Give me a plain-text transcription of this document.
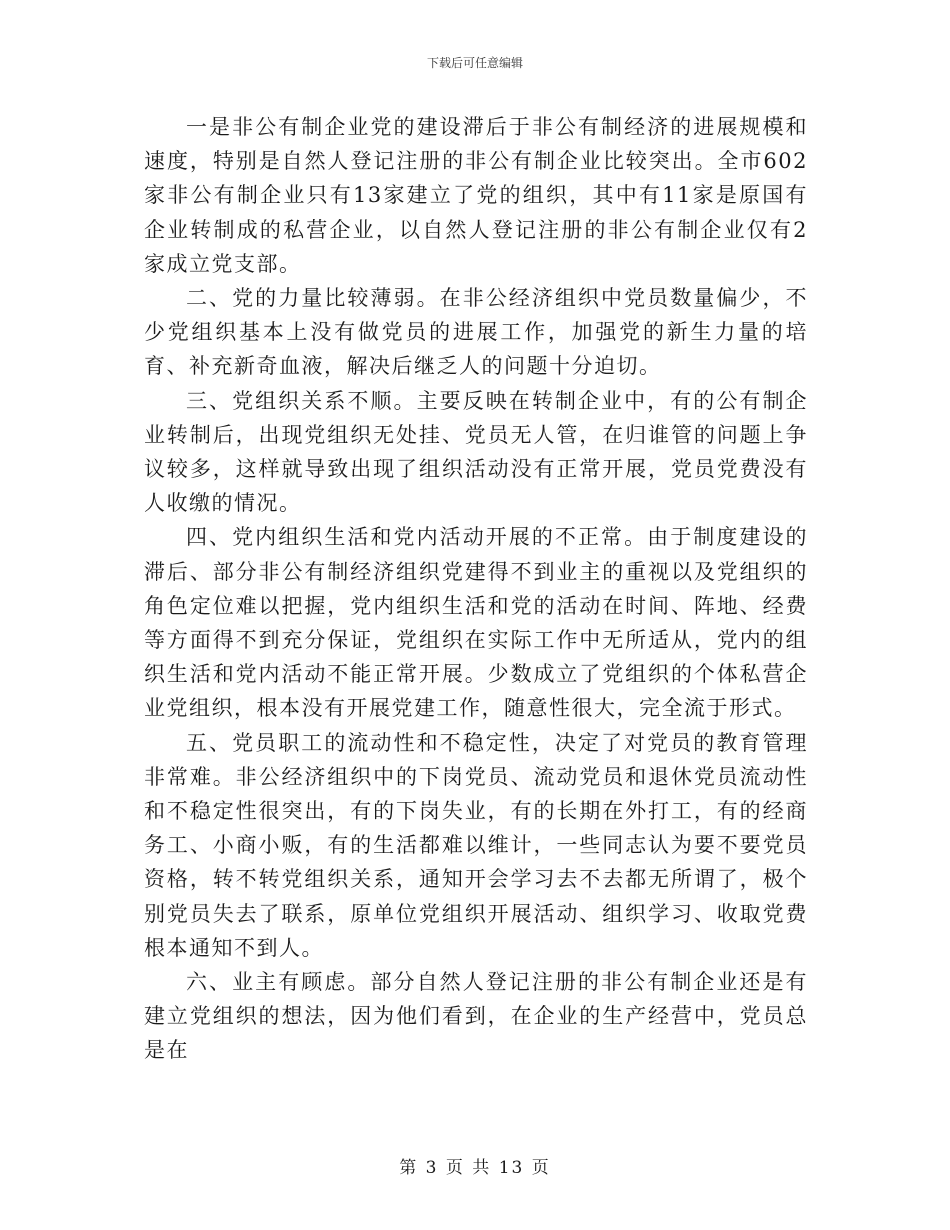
下载后可任意编辑

一是非公有制企业党的建设滞后于非公有制经济的进展规模和速度，特别是自然人登记注册的非公有制企业比较突出。全市602家非公有制企业只有13家建立了党的组织，其中有11家是原国有企业转制成的私营企业，以自然人登记注册的非公有制企业仅有2家成立党支部。

二、党的力量比较薄弱。在非公经济组织中党员数量偏少，不少党组织基本上没有做党员的进展工作，加强党的新生力量的培育、补充新奇血液，解决后继乏人的问题十分迫切。

三、党组织关系不顺。主要反映在转制企业中，有的公有制企业转制后，出现党组织无处挂、党员无人管，在归谁管的问题上争议较多，这样就导致出现了组织活动没有正常开展，党员党费没有人收缴的情况。

四、党内组织生活和党内活动开展的不正常。由于制度建设的滞后、部分非公有制经济组织党建得不到业主的重视以及党组织的角色定位难以把握，党内组织生活和党的活动在时间、阵地、经费等方面得不到充分保证，党组织在实际工作中无所适从，党内的组织生活和党内活动不能正常开展。少数成立了党组织的个体私营企业党组织，根本没有开展党建工作，随意性很大，完全流于形式。

五、党员职工的流动性和不稳定性，决定了对党员的教育管理非常难。非公经济组织中的下岗党员、流动党员和退休党员流动性和不稳定性很突出，有的下岗失业，有的长期在外打工，有的经商务工、小商小贩，有的生活都难以维计，一些同志认为要不要党员资格，转不转党组织关系，通知开会学习去不去都无所谓了，极个别党员失去了联系，原单位党组织开展活动、组织学习、收取党费根本通知不到人。

六、业主有顾虑。部分自然人登记注册的非公有制企业还是有建立党组织的想法，因为他们看到，在企业的生产经营中，党员总是在

第 3 页 共 13 页
